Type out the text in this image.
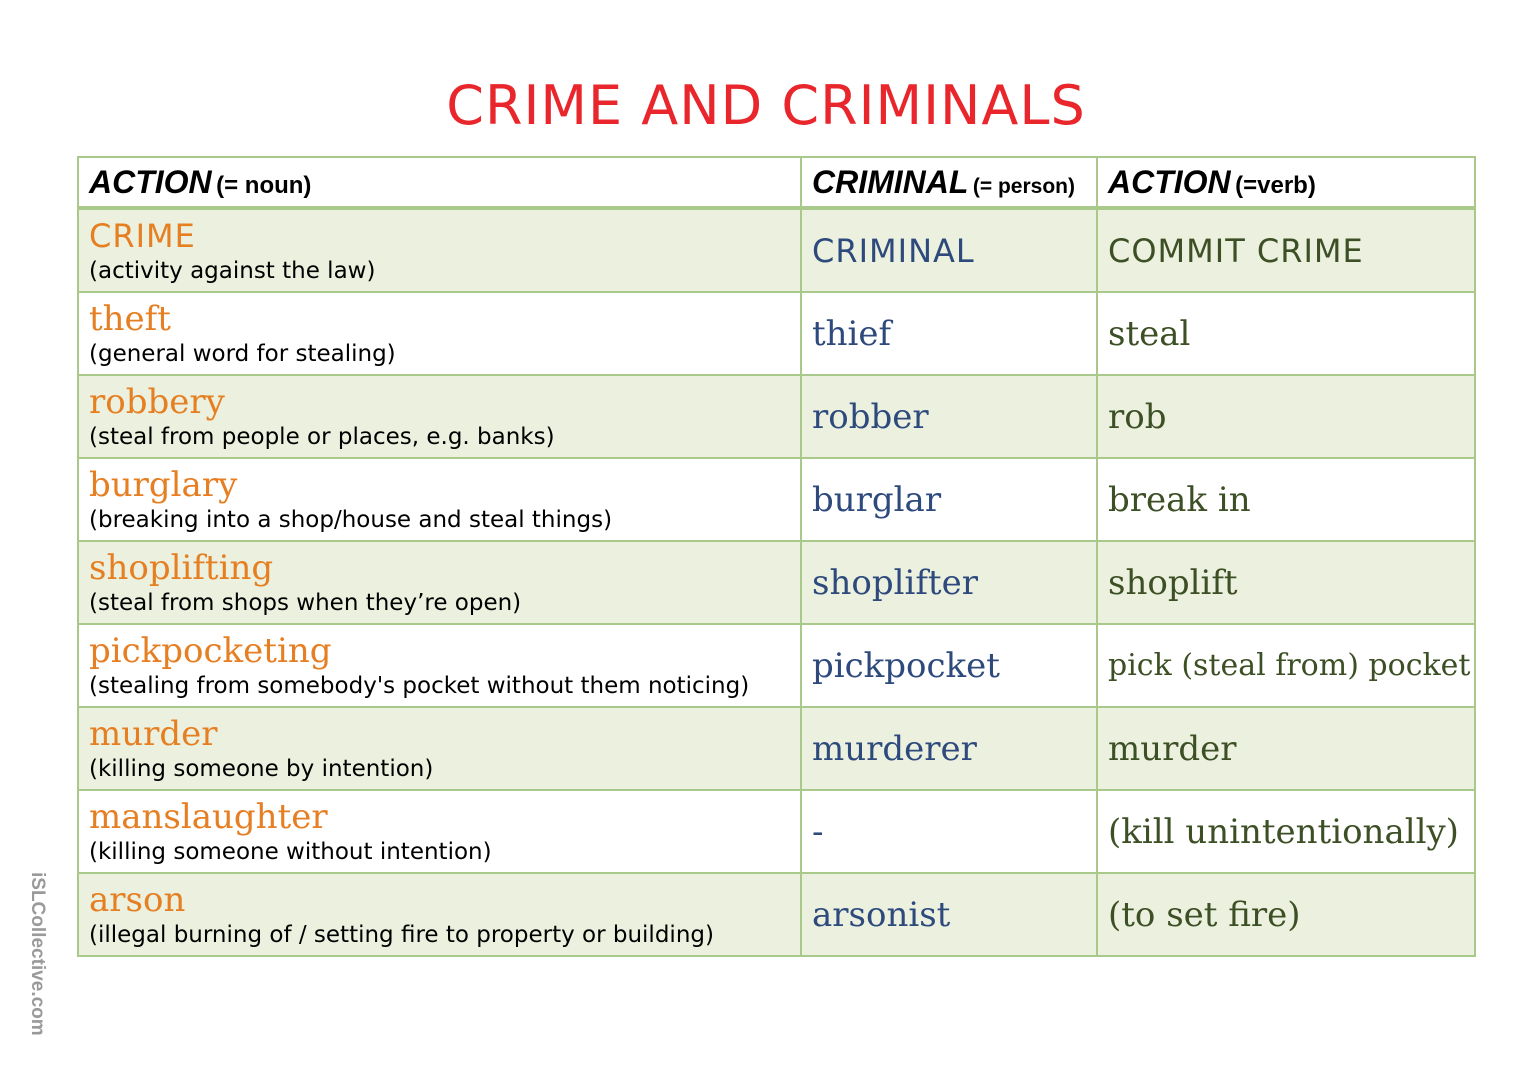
CRIME AND CRIMINALS
ACTION (= noun)	CRIMINAL (= person)	ACTION (=verb)

CRIME
(activity against the law)	CRIMINAL	COMMIT CRIME

theft
(general word for stealing)	thief	steal

robbery
(steal from people or places, e.g. banks)	robber	rob

burglary
(breaking into a shop/house and steal things)	burglar	break in

shoplifting
(steal from shops when they’re open)	shoplifter	shoplift

pickpocketing
(stealing from somebody's pocket without them noticing)	pickpocket	pick (steal from) pocket

murder
(killing someone by intention)	murderer	murder

manslaughter
(killing someone without intention)	-	(kill unintentionally)

arson
(illegal burning of / setting fire to property or building)	arsonist	(to set fire)
iSLCollective.com
